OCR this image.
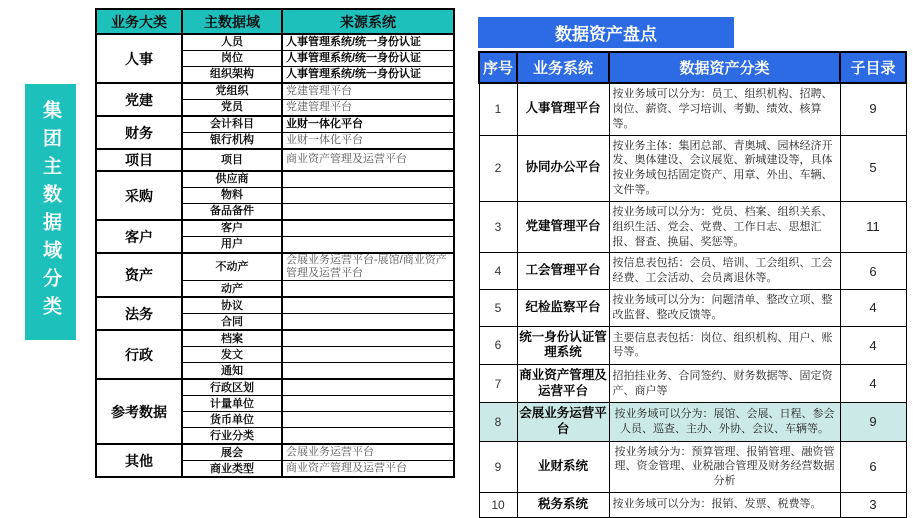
集团主数据域分类
业务大类	主数据域	来源系统
人事	人员	人事管理系统/统一身份认证
	岗位	人事管理系统/统一身份认证
	组织架构	人事管理系统/统一身份认证
党建	党组织	党建管理平台
	党员	党建管理平台
财务	会计科目	业财一体化平台
	银行机构	业财一体化平台
项目	项目	商业资产管理及运营平台
采购	供应商	
	物料	
	备品备件	
客户	客户	
	用户	
资产	不动产	会展业务运营平台-展馆/商业资产管理及运营平台
	动产	
法务	协议	
	合同	
行政	档案	
	发文	
	通知	
参考数据	行政区划	
	计量单位	
	货币单位	
	行业分类	
其他	展会	会展业务运营平台
	商业类型	商业资产管理及运营平台
数据资产盘点
序号	业务系统	数据资产分类	子目录
1	人事管理平台	按业务域可以分为：员工、组织机构、招聘、岗位、薪资、学习培训、考勤、绩效、核算等。	9
2	协同办公平台	按业务主体：集团总部、青奥城、园林经济开发、奥体建设、会议展览、新城建设等，具体按业务域包括固定资产、用章、外出、车辆、文件等。	5
3	党建管理平台	按业务域可以分为：党员、档案、组织关系、组织生活、党会、党费、工作日志、思想汇报、督查、换届、奖惩等。	11
4	工会管理平台	按信息表包括：会员、培训、工会组织、工会经费、工会活动、会员离退休等。	6
5	纪检监察平台	按业务域可以分为：问题清单、整改立项、整改监督、整改反馈等。	4
6	统一身份认证管理系统	主要信息表包括：岗位、组织机构、用户、账号等。	4
7	商业资产管理及运营平台	招拍挂业务、合同签约、财务数据等、固定资产、商户等	4
8	会展业务运营平台	按业务域可以分为：展馆、会展、日程、参会人员、巡查、主办、外协、会议、车辆等。	9
9	业财系统	按业务域分为：预算管理、报销管理、融资管理、资金管理、业税融合管理及财务经营数据分析	6
10	税务系统	按业务域可以分为：报销、发票、税费等。	3
